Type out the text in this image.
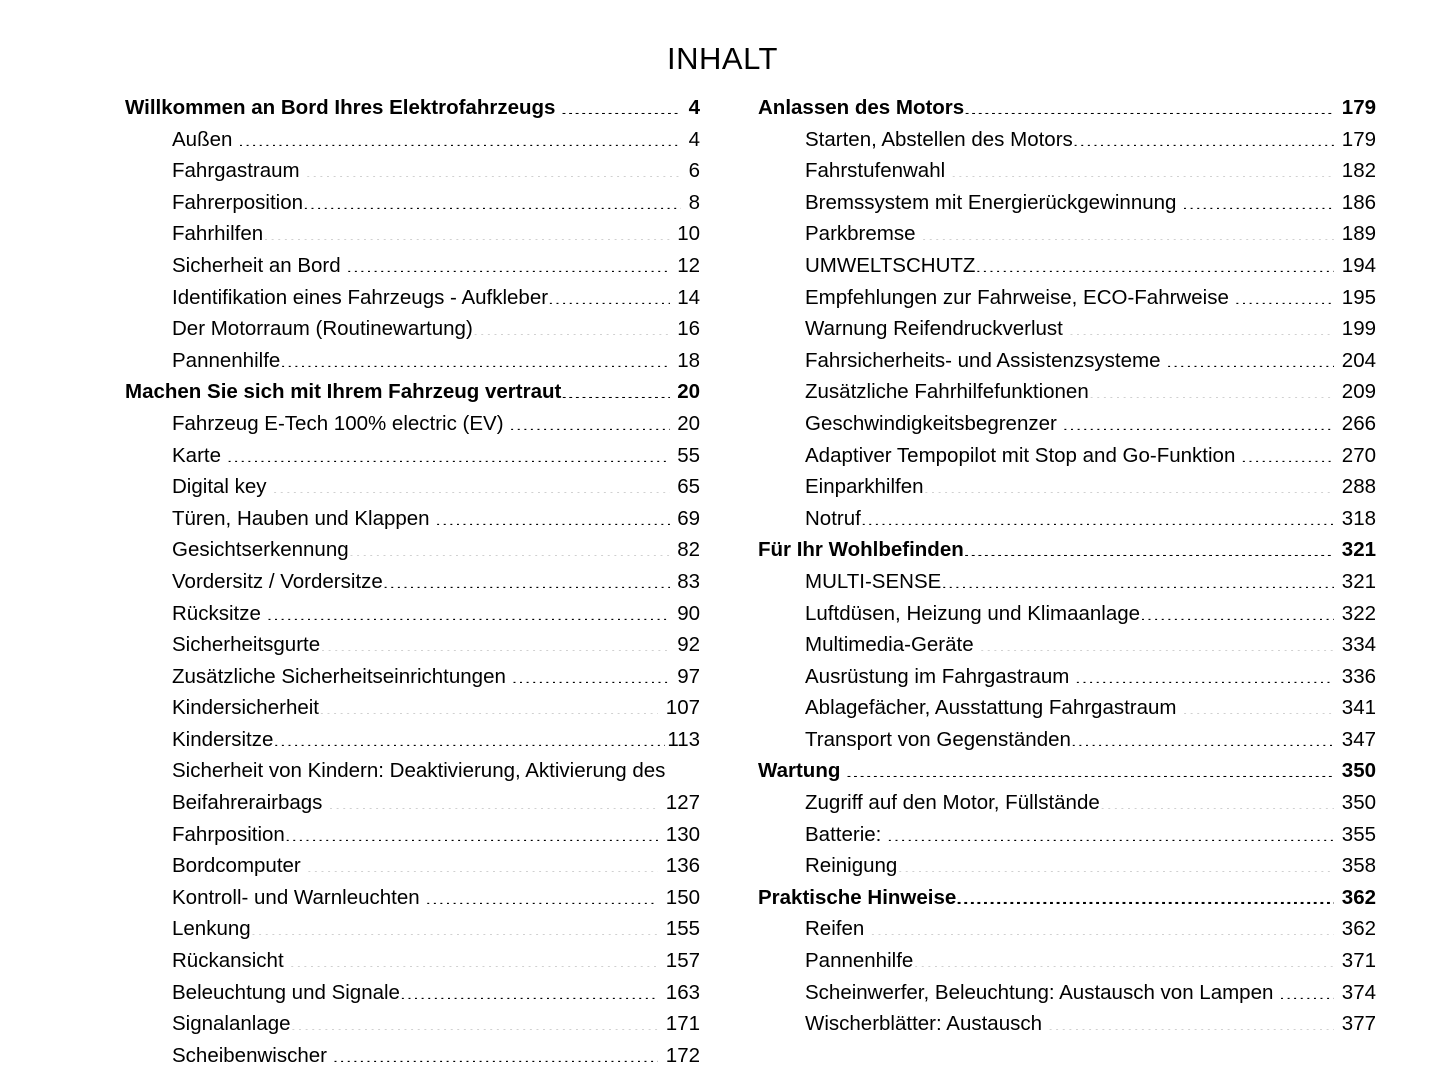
INHALT
Willkommen an Bord Ihres Elektrofahrzeugs .....	4
Außen .....	4
Fahrgastraum .....	6
Fahrerposition .....	8
Fahrhilfen .....	10
Sicherheit an Bord .....	12
Identifikation eines Fahrzeugs - Aufkleber .....	14
Der Motorraum (Routinewartung) .....	16
Pannenhilfe .....	18
Machen Sie sich mit Ihrem Fahrzeug vertraut .....	20
Fahrzeug E-Tech 100% electric (EV) .....	20
Karte .....	55
Digital key .....	65
Türen, Hauben und Klappen .....	69
Gesichtserkennung .....	82
Vordersitz / Vordersitze .....	83
Rücksitze .....	90
Sicherheitsgurte .....	92
Zusätzliche Sicherheitseinrichtungen .....	97
Kindersicherheit .....	107
Kindersitze .....	113
Sicherheit von Kindern: Deaktivierung, Aktivierung des
Beifahrerairbags .....	127
Fahrposition .....	130
Bordcomputer .....	136
Kontroll- und Warnleuchten .....	150
Lenkung .....	155
Rückansicht .....	157
Beleuchtung und Signale .....	163
Signalanlage .....	171
Scheibenwischer .....	172
Anlassen des Motors .....	179
Starten, Abstellen des Motors .....	179
Fahrstufenwahl .....	182
Bremssystem mit Energierückgewinnung .....	186
Parkbremse .....	189
UMWELTSCHUTZ .....	194
Empfehlungen zur Fahrweise, ECO-Fahrweise .....	195
Warnung Reifendruckverlust .....	199
Fahrsicherheits- und Assistenzsysteme .....	204
Zusätzliche Fahrhilfefunktionen .....	209
Geschwindigkeitsbegrenzer .....	266
Adaptiver Tempopilot mit Stop and Go-Funktion .....	270
Einparkhilfen .....	288
Notruf .....	318
Für Ihr Wohlbefinden .....	321
MULTI-SENSE .....	321
Luftdüsen, Heizung und Klimaanlage .....	322
Multimedia-Geräte .....	334
Ausrüstung im Fahrgastraum .....	336
Ablagefächer, Ausstattung Fahrgastraum .....	341
Transport von Gegenständen .....	347
Wartung .....	350
Zugriff auf den Motor, Füllstände .....	350
Batterie: .....	355
Reinigung .....	358
Praktische Hinweise .....	362
Reifen .....	362
Pannenhilfe .....	371
Scheinwerfer, Beleuchtung: Austausch von Lampen .....	374
Wischerblätter: Austausch .....	377
